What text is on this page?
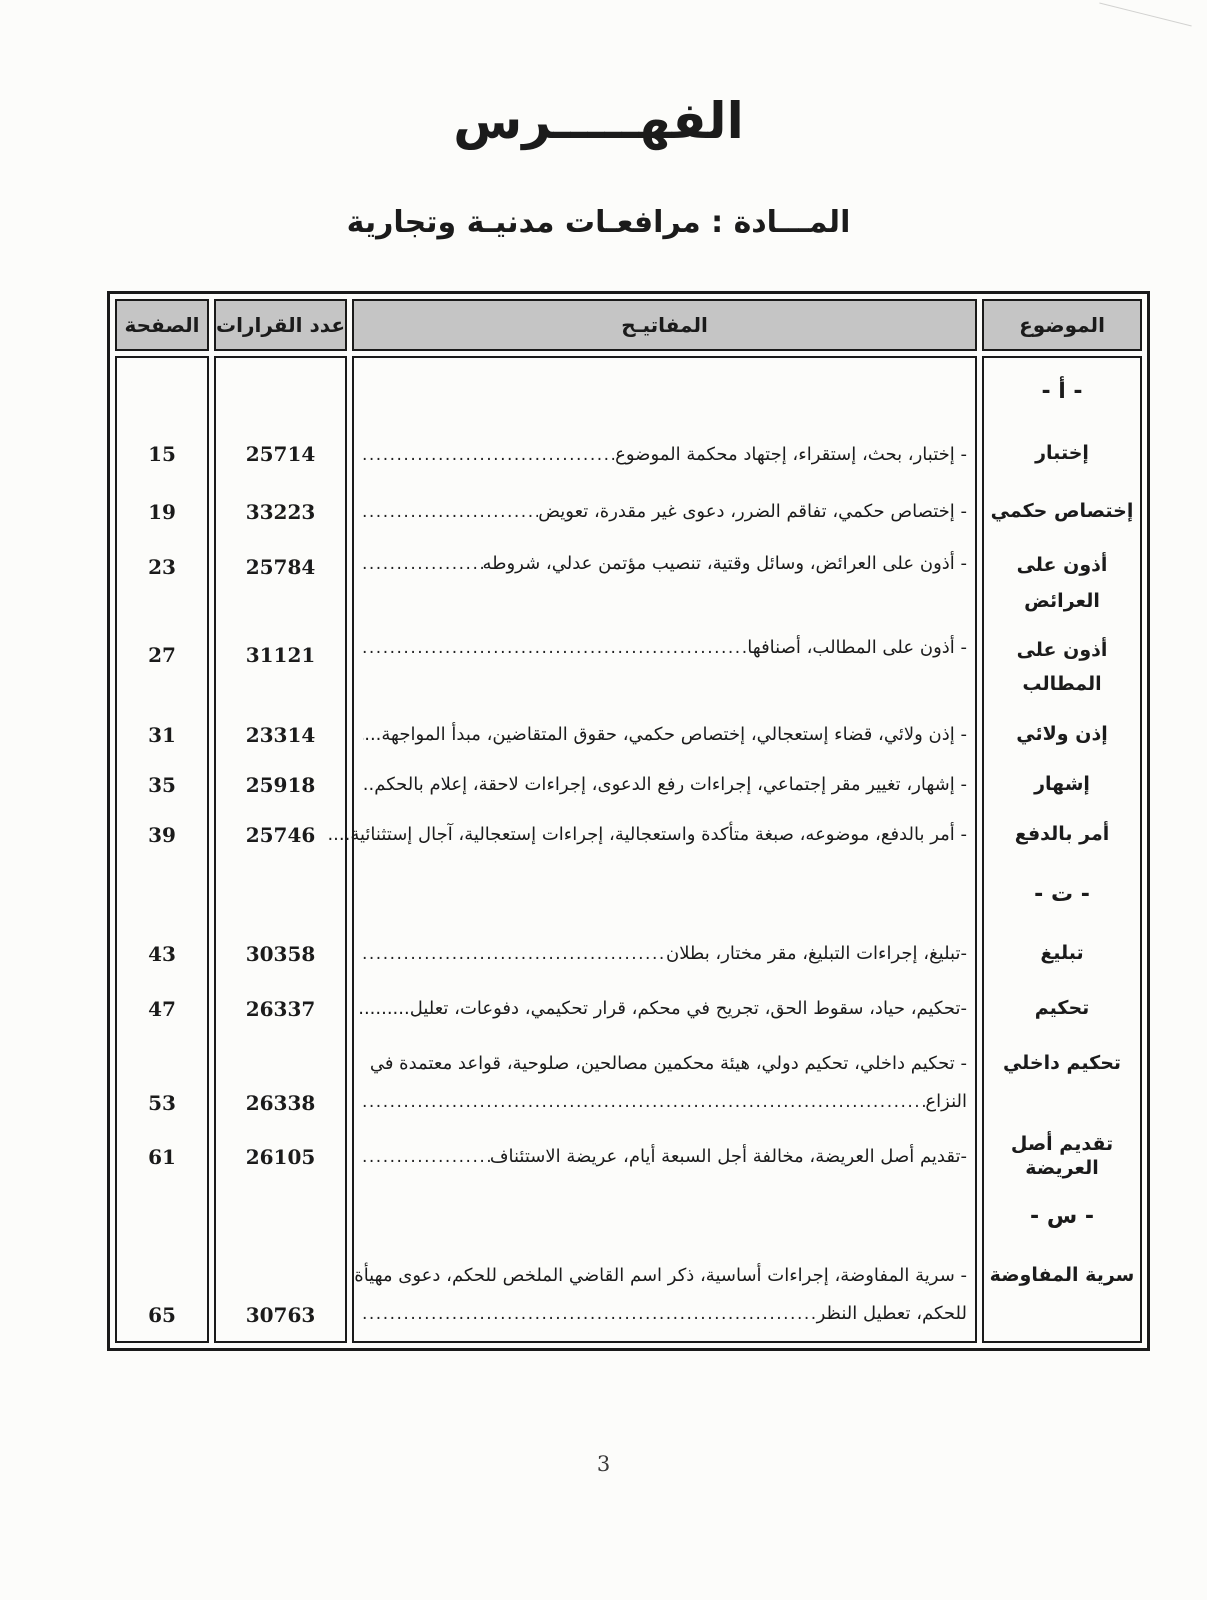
الفهـــــرس
المـــادة : مرافعـات مدنيـة وتجارية
الموضوع
المفاتيـح
عدد القرارات
الصفحة
- أ -
إختبار
إختصاص حكمي
أذون على
العرائض
أذون على
المطالب
إذن ولائي
إشهار
أمر بالدفع
- ت -
تبليغ
تحكيم
تحكيم داخلي
تقديم أصل العريضة
- س -
سرية المفاوضة
- إختبار، بحث، إستقراء، إجتهاد محكمة الموضوع
.....
- إختصاص حكمي، تفاقم الضرر، دعوى غير مقدرة، تعويض
.....
- أذون على العرائض، وسائل وقتية، تنصيب مؤتمن عدلي، شروطه
.....
- أذون على المطالب، أصنافها
.....
- إذن ولائي، قضاء إستعجالي، إختصاص حكمي، حقوق المتقاضين، مبدأ المواجهة...
.....
- إشهار، تغيير مقر إجتماعي، إجراءات رفع الدعوى، إجراءات لاحقة، إعلام بالحكم..
.....
- أمر بالدفع، موضوعه، صبغة متأكدة واستعجالية، إجراءات إستعجالية، آجال إستثنائية....
-تبليغ، إجراءات التبليغ، مقر مختار، بطلان
.....
-تحكيم، حياد، سقوط الحق، تجريح في محكم، قرار تحكيمي، دفوعات، تعليل.........
- تحكيم داخلي، تحكيم دولي، هيئة محكمين مصالحين، صلوحية، قواعد معتمدة في
النزاع
.....
-تقديم أصل العريضة، مخالفة أجل السبعة أيام، عريضة الاستئناف
.....
- سرية المفاوضة، إجراءات أساسية، ذكر اسم القاضي الملخص للحكم، دعوى مهيأة
للحكم، تعطيل النظر
.....
25714
33223
25784
31121
23314
25918
25746
30358
26337
26338
26105
30763
15
19
23
27
31
35
39
43
47
53
61
65
3
